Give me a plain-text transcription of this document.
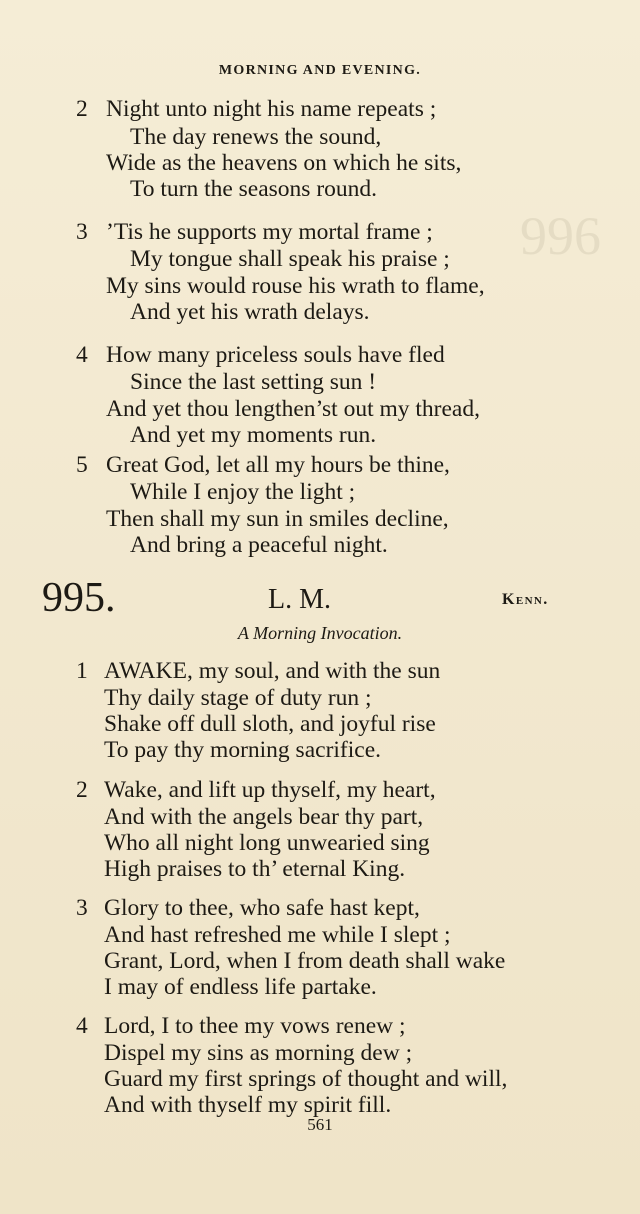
996
MORNING AND EVENING.
2 Night unto night his name repeats ;
The day renews the sound,
Wide as the heavens on which he sits,
To turn the seasons round.
3 ’Tis he supports my mortal frame ;
My tongue shall speak his praise ;
My sins would rouse his wrath to flame,
And yet his wrath delays.
4 How many priceless souls have fled
Since the last setting sun !
And yet thou lengthen’st out my thread,
And yet my moments run.
5 Great God, let all my hours be thine,
While I enjoy the light ;
Then shall my sun in smiles decline,
And bring a peaceful night.
995.	L. M.	Kenn.
A Morning Invocation.
1 AWAKE, my soul, and with the sun
Thy daily stage of duty run ;
Shake off dull sloth, and joyful rise
To pay thy morning sacrifice.
2 Wake, and lift up thyself, my heart,
And with the angels bear thy part,
Who all night long unwearied sing
High praises to th’ eternal King.
3 Glory to thee, who safe hast kept,
And hast refreshed me while I slept ;
Grant, Lord, when I from death shall wake
I may of endless life partake.
4 Lord, I to thee my vows renew ;
Dispel my sins as morning dew ;
Guard my first springs of thought and will,
And with thyself my spirit fill.
561
